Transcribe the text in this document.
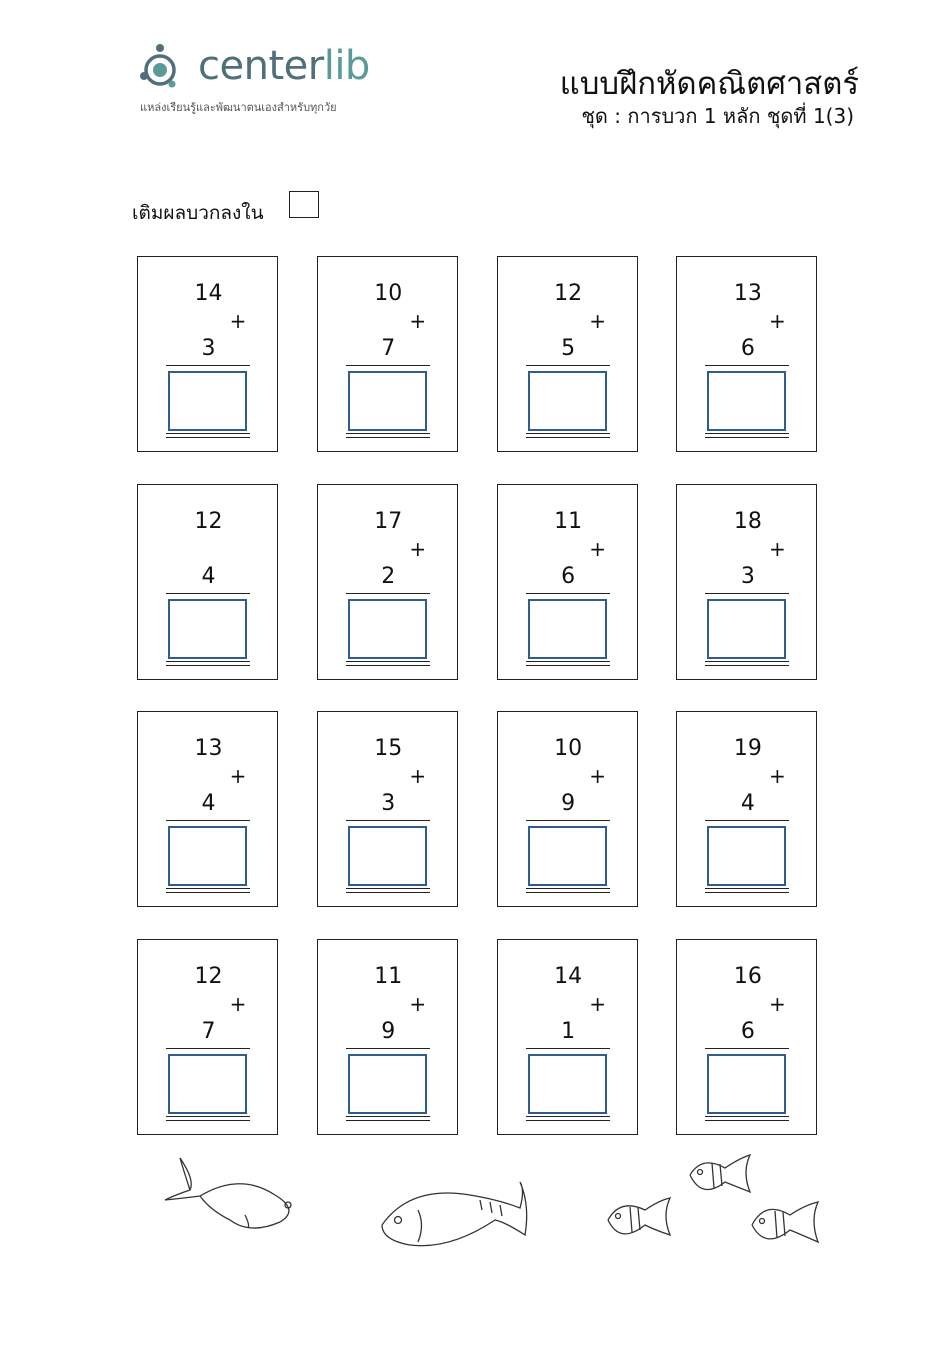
centerlib
แหล่งเรียนรู้และพัฒนาตนเองสำหรับทุกวัย
แบบฝึกหัดคณิตศาสตร์
ชุด : การบวก 1 หลัก ชุดที่ 1(3)
เติมผลบวกลงใน
14
+
3
10
+
7
12
+
5
13
+
6
12
4
17
+
2
11
+
6
18
+
3
13
+
4
15
+
3
10
+
9
19
+
4
12
+
7
11
+
9
14
+
1
16
+
6
